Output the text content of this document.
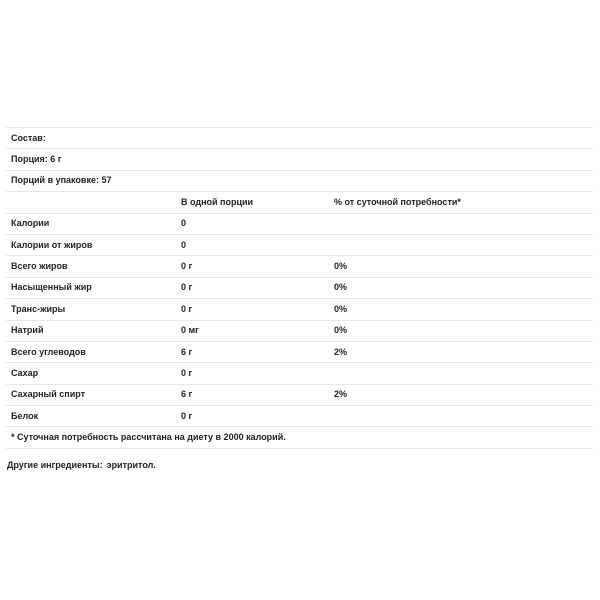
Состав:		
Порция: 6 г		
Порций в упаковке: 57		
	В одной порции	% от суточной потребности*
Калории	0	
Калории от жиров	0	
Всего жиров	0 г	0%
Насыщенный жир	0 г	0%
Транс-жиры	0 г	0%
Натрий	0 мг	0%
Всего углеводов	6 г	2%
Сахар	0 г	
Сахарный спирт	6 г	2%
Белок	0 г	
* Суточная потребность рассчитана на диету в 2000 калорий.		
Другие ингредиенты: эритритол.
